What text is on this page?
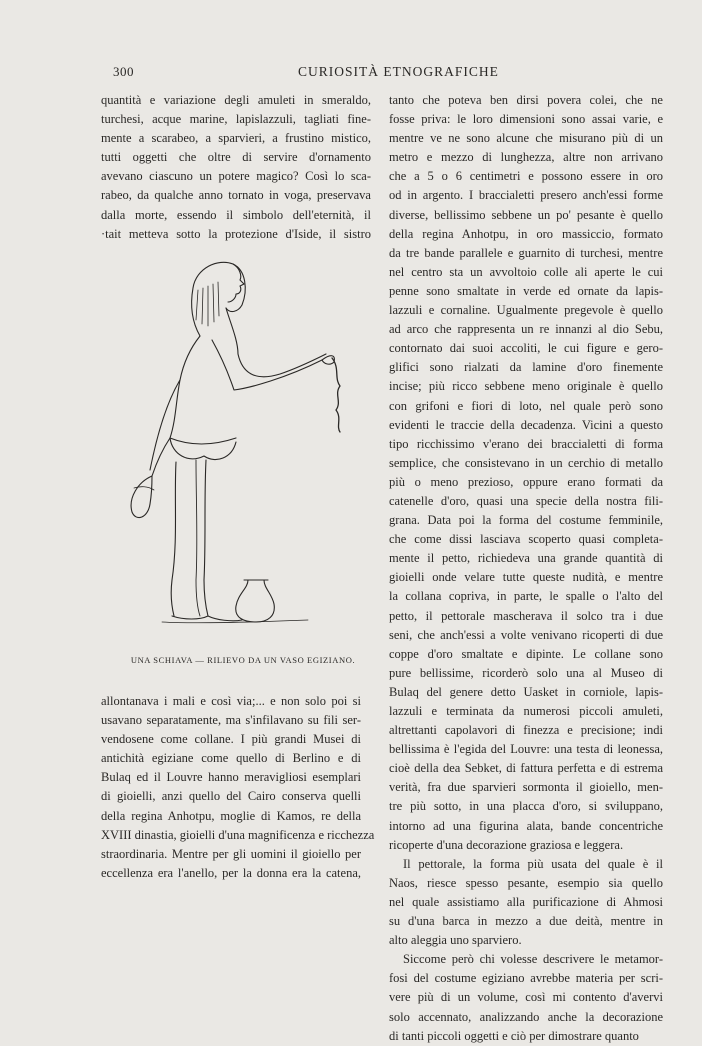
300	CURIOSITÀ ETNOGRAFICHE
quantità e variazione degli amuleti in smeraldo,
turchesi, acque marine, lapislazzuli, tagliati fine-
mente a scarabeo, a sparvieri, a frustino mistico,
tutti oggetti che oltre di servire d'ornamento
avevano ciascuno un potere magico? Così lo sca-
rabeo, da qualche anno tornato in voga, preservava
dalla morte, essendo il simbolo dell'eternità, il
·tait metteva sotto la protezione d'Iside, il sistro
UNA SCHIAVA — RILIEVO DA UN VASO EGIZIANO.
allontanava i mali e così via;... e non solo poi si
usavano separatamente, ma s'infilavano su fili ser-
vendosene come collane. I più grandi Musei di
antichità egiziane come quello di Berlino e di
Bulaq ed il Louvre hanno meravigliosi esemplari
di gioielli, anzi quello del Cairo conserva quelli
della regina Anhotpu, moglie di Kamos, re della
XVIII dinastia, gioielli d'una magnificenza e ricchezza
straordinaria. Mentre per gli uomini il gioiello per
eccellenza era l'anello, per la donna era la catena,
tanto che poteva ben dirsi povera colei, che ne
fosse priva: le loro dimensioni sono assai varie, e
mentre ve ne sono alcune che misurano più di un
metro e mezzo di lunghezza, altre non arrivano
che a 5 o 6 centimetri e possono essere in oro
od in argento. I braccialetti presero anch'essi forme
diverse, bellissimo sebbene un po' pesante è quello
della regina Anhotpu, in oro massiccio, formato
da tre bande parallele e guarnito di turchesi, mentre
nel centro sta un avvoltoio colle ali aperte le cui
penne sono smaltate in verde ed ornate da lapis-
lazzuli e cornaline. Ugualmente pregevole è quello
ad arco che rappresenta un re innanzi al dio Sebu,
contornato dai suoi accoliti, le cui figure e gero-
glifici sono rialzati da lamine d'oro finemente
incise; più ricco sebbene meno originale è quello
con grifoni e fiori di loto, nel quale però sono
evidenti le traccie della decadenza. Vicini a questo
tipo ricchissimo v'erano dei braccialetti di forma
semplice, che consistevano in un cerchio di metallo
più o meno prezioso, oppure erano formati da
catenelle d'oro, quasi una specie della nostra fili-
grana. Data poi la forma del costume femminile,
che come dissi lasciava scoperto quasi completa-
mente il petto, richiedeva una grande quantità di
gioielli onde velare tutte queste nudità, e mentre
la collana copriva, in parte, le spalle o l'alto del
petto, il pettorale mascherava il solco tra i due
seni, che anch'essi a volte venivano ricoperti di due
coppe d'oro smaltate e dipinte. Le collane sono
pure bellissime, ricorderò solo una al Museo di
Bulaq del genere detto Uasket in corniole, lapis-
lazzuli e terminata da numerosi piccoli amuleti,
altrettanti capolavori di finezza e precisione; indi
bellissima è l'egida del Louvre: una testa di leonessa,
cioè della dea Sebket, di fattura perfetta e di estrema
verità, fra due sparvieri sormonta il gioiello, men-
tre più sotto, in una placca d'oro, si sviluppano,
intorno ad una figurina alata, bande concentriche
ricoperte d'una decorazione graziosa e leggera.
Il pettorale, la forma più usata del quale è il
Naos, riesce spesso pesante, esempio sia quello
nel quale assistiamo alla purificazione di Ahmosi
su d'una barca in mezzo a due deità, mentre in
alto aleggia uno sparviero.
Siccome però chi volesse descrivere le metamor-
fosi del costume egiziano avrebbe materia per scri-
vere più di un volume, così mi contento d'avervi
solo accennato, analizzando anche la decorazione
di tanti piccoli oggetti e ciò per dimostrare quanto
